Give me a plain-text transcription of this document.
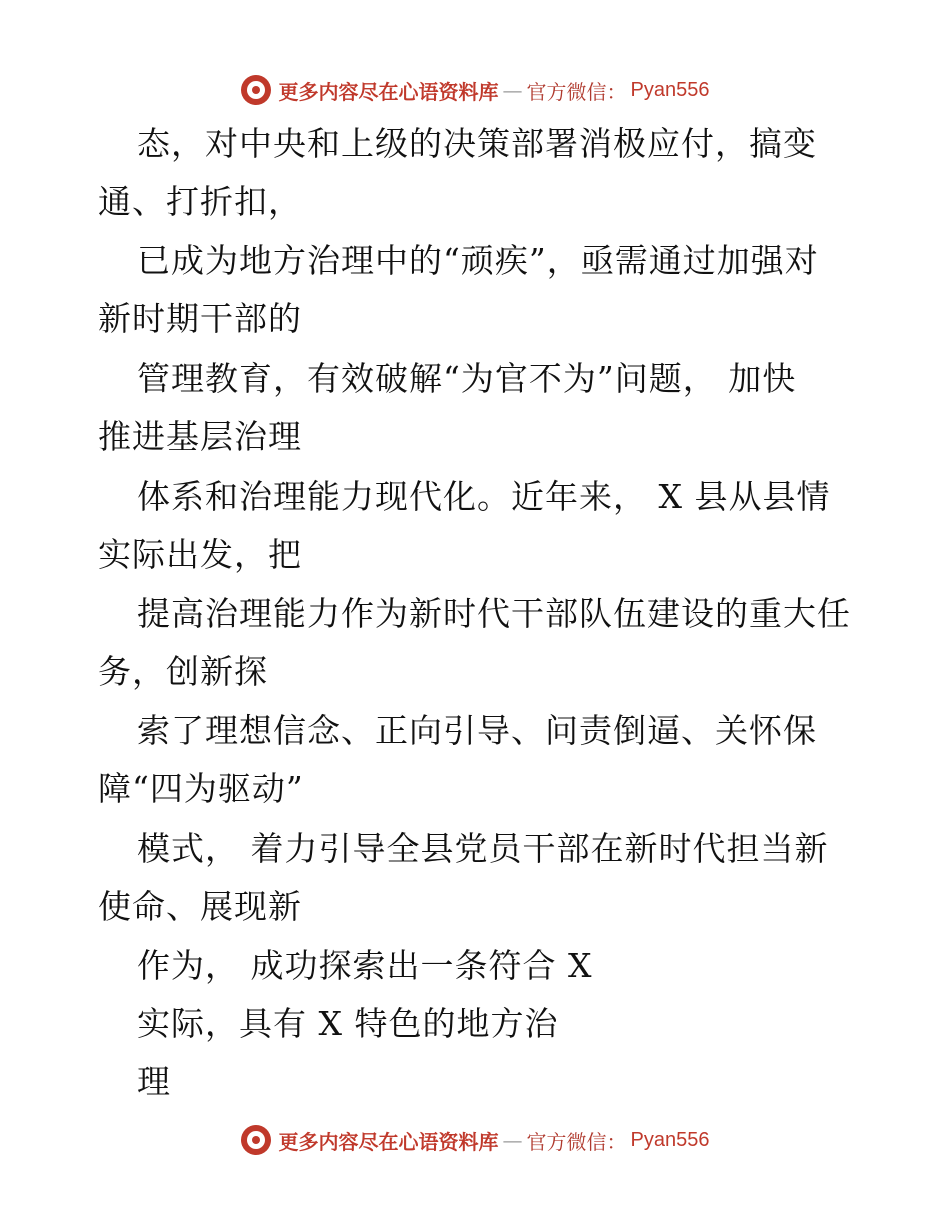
更多内容尽在心语资料库 — 官方微信： Pyan556
态，对中央和上级的决策部署消极应付，搞变
通、打折扣，
已成为地方治理中的“顽疾”，亟需通过加强对
新时期干部的
管理教育，有效破解“为官不为”问题， 加快
推进基层治理
体系和治理能力现代化。近年来， X 县从县情
实际出发，把
提高治理能力作为新时代干部队伍建设的重大任
务，创新探
索了理想信念、正向引导、问责倒逼、关怀保
障“四为驱动”
模式， 着力引导全县党员干部在新时代担当新
使命、展现新
作为， 成功探索出一条符合 X
实际，具有 X 特色的地方治
理
更多内容尽在心语资料库 — 官方微信： Pyan556
